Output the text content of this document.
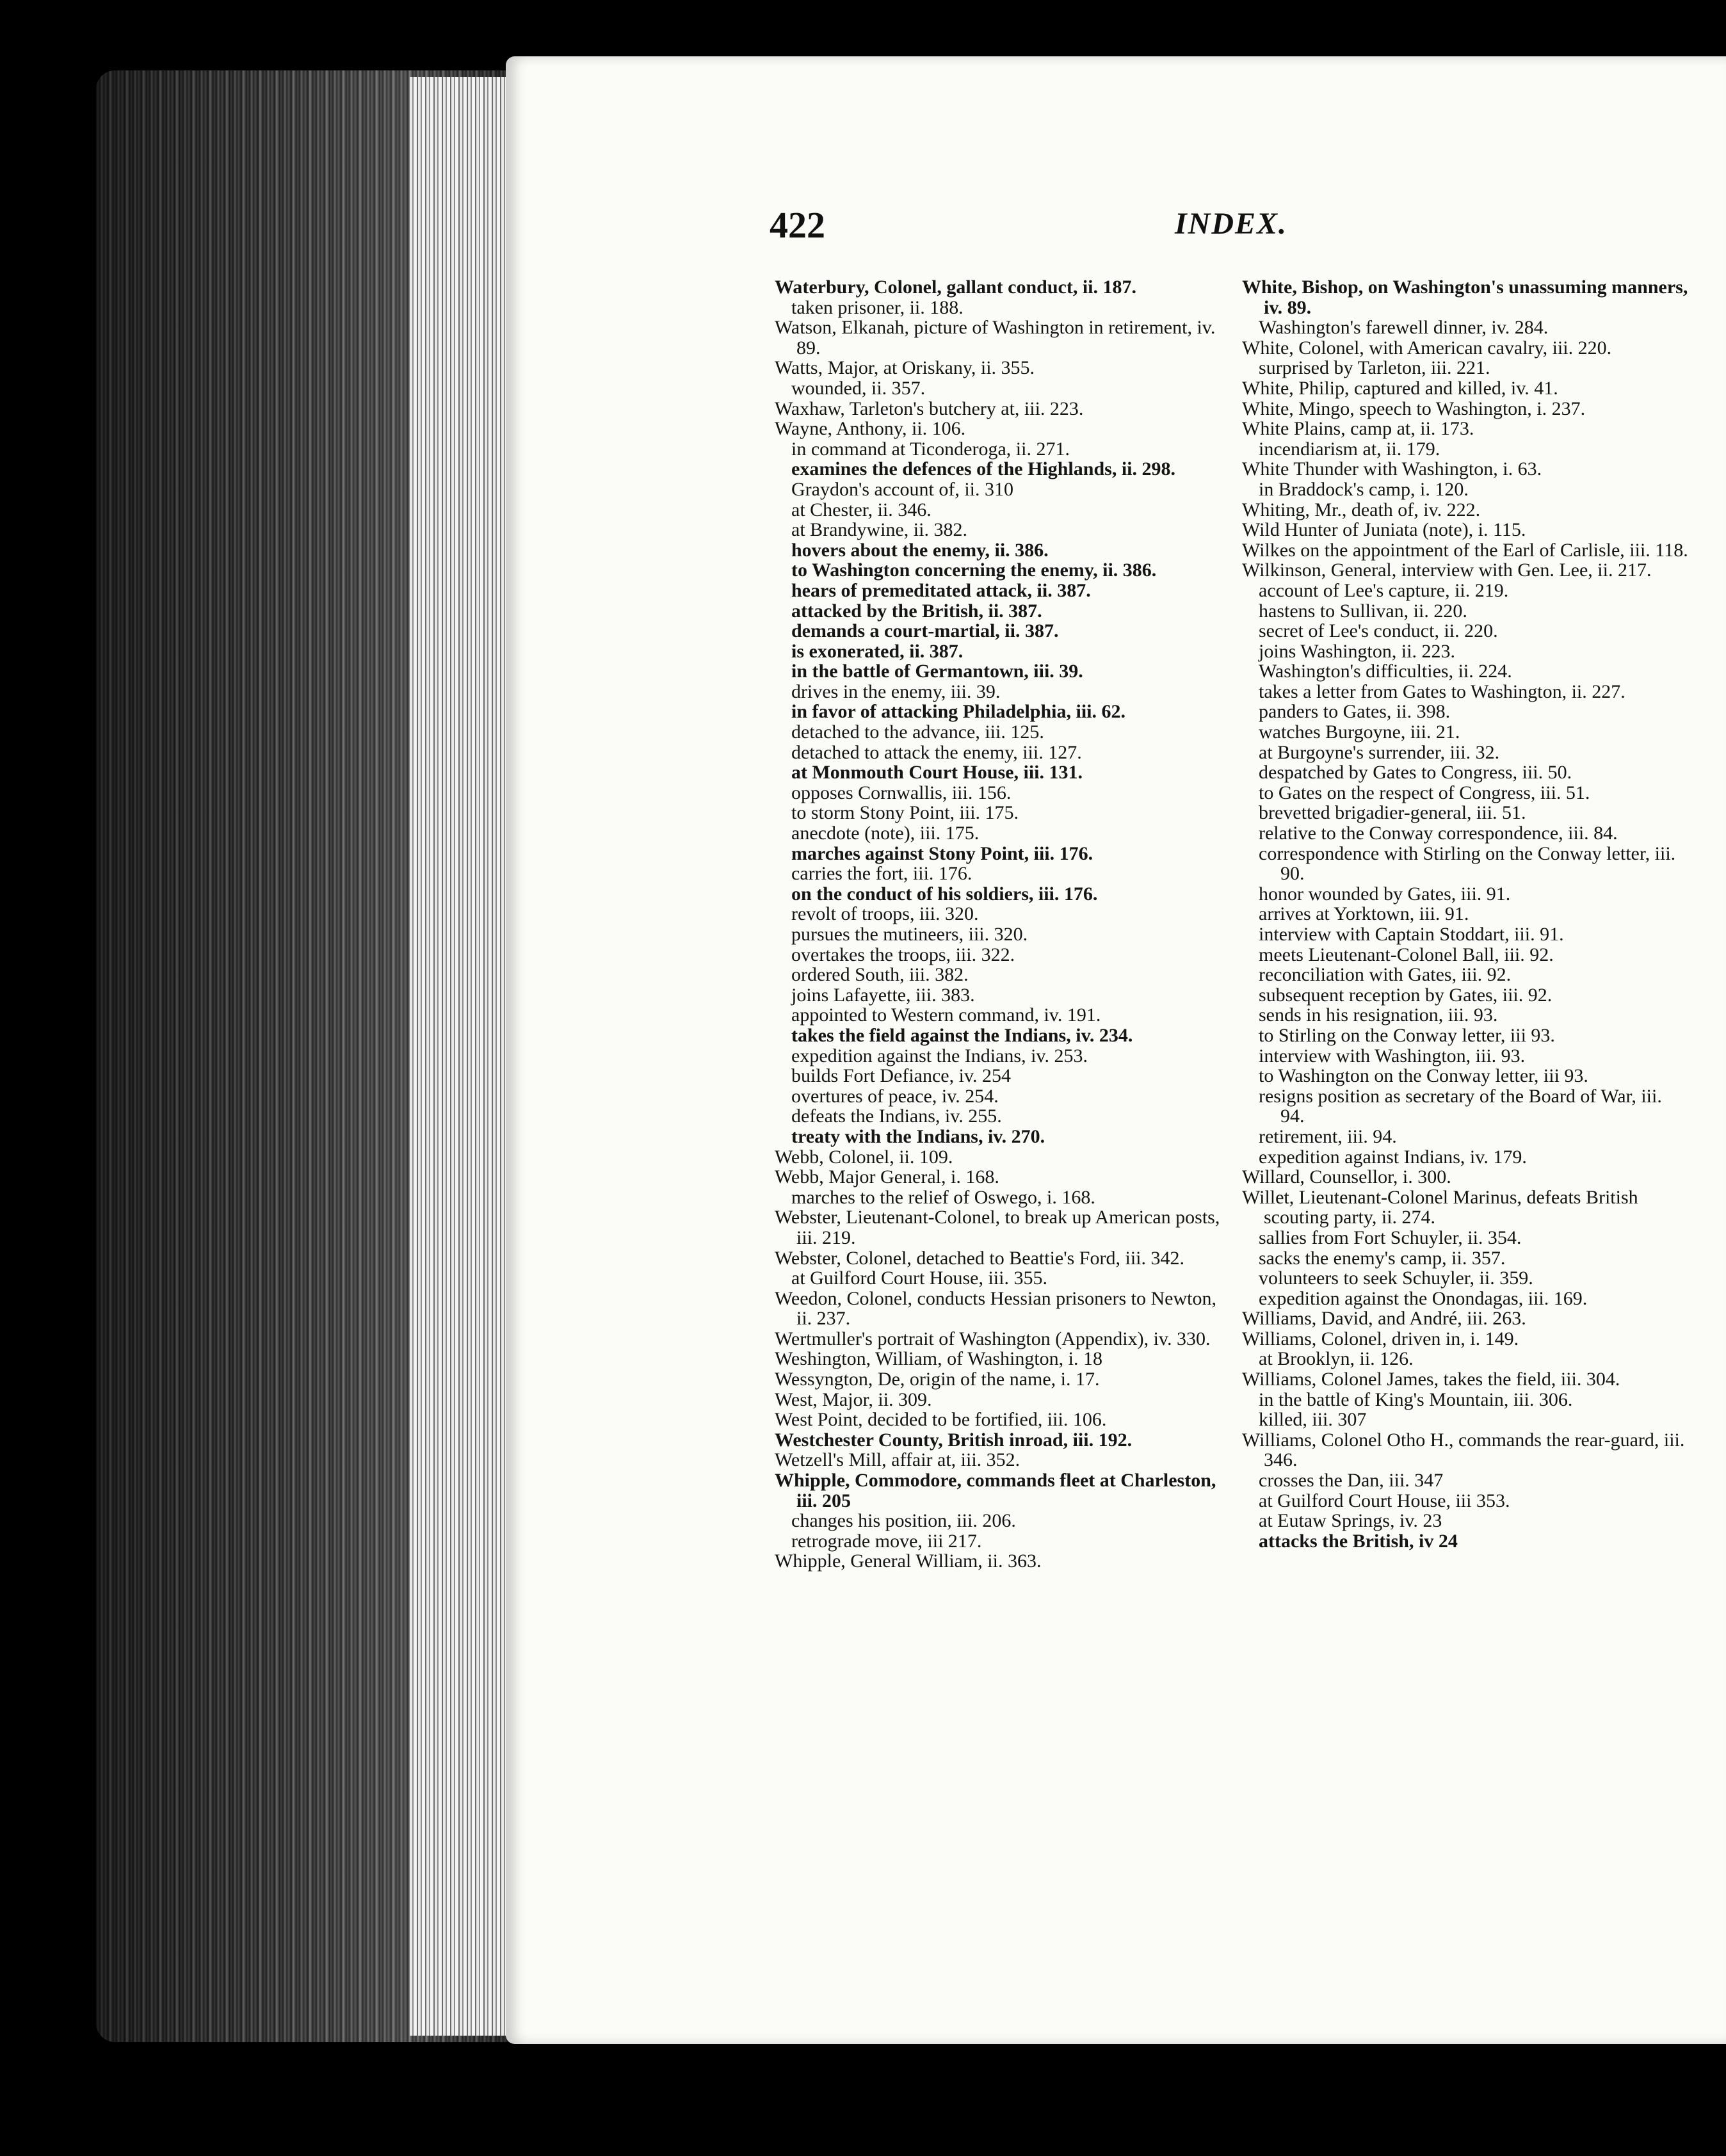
422	INDEX.
Waterbury, Colonel, gallant conduct, ii. 187.
taken prisoner, ii. 188.
Watson, Elkanah, picture of Washington in retirement, iv. 89.
Watts, Major, at Oriskany, ii. 355.
wounded, ii. 357.
Waxhaw, Tarleton's butchery at, iii. 223.
Wayne, Anthony, ii. 106.
in command at Ticonderoga, ii. 271.
examines the defences of the Highlands, ii. 298.
Graydon's account of, ii. 310
at Chester, ii. 346.
at Brandywine, ii. 382.
hovers about the enemy, ii. 386.
to Washington concerning the enemy, ii. 386.
hears of premeditated attack, ii. 387.
attacked by the British, ii. 387.
demands a court-martial, ii. 387.
is exonerated, ii. 387.
in the battle of Germantown, iii. 39.
drives in the enemy, iii. 39.
in favor of attacking Philadelphia, iii. 62.
detached to the advance, iii. 125.
detached to attack the enemy, iii. 127.
at Monmouth Court House, iii. 131.
opposes Cornwallis, iii. 156.
to storm Stony Point, iii. 175.
anecdote (note), iii. 175.
marches against Stony Point, iii. 176.
carries the fort, iii. 176.
on the conduct of his soldiers, iii. 176.
revolt of troops, iii. 320.
pursues the mutineers, iii. 320.
overtakes the troops, iii. 322.
ordered South, iii. 382.
joins Lafayette, iii. 383.
appointed to Western command, iv. 191.
takes the field against the Indians, iv. 234.
expedition against the Indians, iv. 253.
builds Fort Defiance, iv. 254
overtures of peace, iv. 254.
defeats the Indians, iv. 255.
treaty with the Indians, iv. 270.
Webb, Colonel, ii. 109.
Webb, Major General, i. 168.
marches to the relief of Oswego, i. 168.
Webster, Lieutenant-Colonel, to break up American posts, iii. 219.
Webster, Colonel, detached to Beattie's Ford, iii. 342.
at Guilford Court House, iii. 355.
Weedon, Colonel, conducts Hessian prisoners to Newton, ii. 237.
Wertmuller's portrait of Washington (Appendix), iv. 330.
Weshington, William, of Washington, i. 18
Wessyngton, De, origin of the name, i. 17.
West, Major, ii. 309.
West Point, decided to be fortified, iii. 106.
Westchester County, British inroad, iii. 192.
Wetzell's Mill, affair at, iii. 352.
Whipple, Commodore, commands fleet at Charleston, iii. 205
changes his position, iii. 206.
retrograde move, iii 217.
Whipple, General William, ii. 363.
White, Bishop, on Washington's unassuming manners, iv. 89.
Washington's farewell dinner, iv. 284.
White, Colonel, with American cavalry, iii. 220.
surprised by Tarleton, iii. 221.
White, Philip, captured and killed, iv. 41.
White, Mingo, speech to Washington, i. 237.
White Plains, camp at, ii. 173.
incendiarism at, ii. 179.
White Thunder with Washington, i. 63.
in Braddock's camp, i. 120.
Whiting, Mr., death of, iv. 222.
Wild Hunter of Juniata (note), i. 115.
Wilkes on the appointment of the Earl of Carlisle, iii. 118.
Wilkinson, General, interview with Gen. Lee, ii. 217.
account of Lee's capture, ii. 219.
hastens to Sullivan, ii. 220.
secret of Lee's conduct, ii. 220.
joins Washington, ii. 223.
Washington's difficulties, ii. 224.
takes a letter from Gates to Washington, ii. 227.
panders to Gates, ii. 398.
watches Burgoyne, iii. 21.
at Burgoyne's surrender, iii. 32.
despatched by Gates to Congress, iii. 50.
to Gates on the respect of Congress, iii. 51.
brevetted brigadier-general, iii. 51.
relative to the Conway correspondence, iii. 84.
correspondence with Stirling on the Conway letter, iii. 90.
honor wounded by Gates, iii. 91.
arrives at Yorktown, iii. 91.
interview with Captain Stoddart, iii. 91.
meets Lieutenant-Colonel Ball, iii. 92.
reconciliation with Gates, iii. 92.
subsequent reception by Gates, iii. 92.
sends in his resignation, iii. 93.
to Stirling on the Conway letter, iii 93.
interview with Washington, iii. 93.
to Washington on the Conway letter, iii 93.
resigns position as secretary of the Board of War, iii. 94.
retirement, iii. 94.
expedition against Indians, iv. 179.
Willard, Counsellor, i. 300.
Willet, Lieutenant-Colonel Marinus, defeats British scouting party, ii. 274.
sallies from Fort Schuyler, ii. 354.
sacks the enemy's camp, ii. 357.
volunteers to seek Schuyler, ii. 359.
expedition against the Onondagas, iii. 169.
Williams, David, and André, iii. 263.
Williams, Colonel, driven in, i. 149.
at Brooklyn, ii. 126.
Williams, Colonel James, takes the field, iii. 304.
in the battle of King's Mountain, iii. 306.
killed, iii. 307
Williams, Colonel Otho H., commands the rear-guard, iii. 346.
crosses the Dan, iii. 347
at Guilford Court House, iii 353.
at Eutaw Springs, iv. 23
attacks the British, iv 24
